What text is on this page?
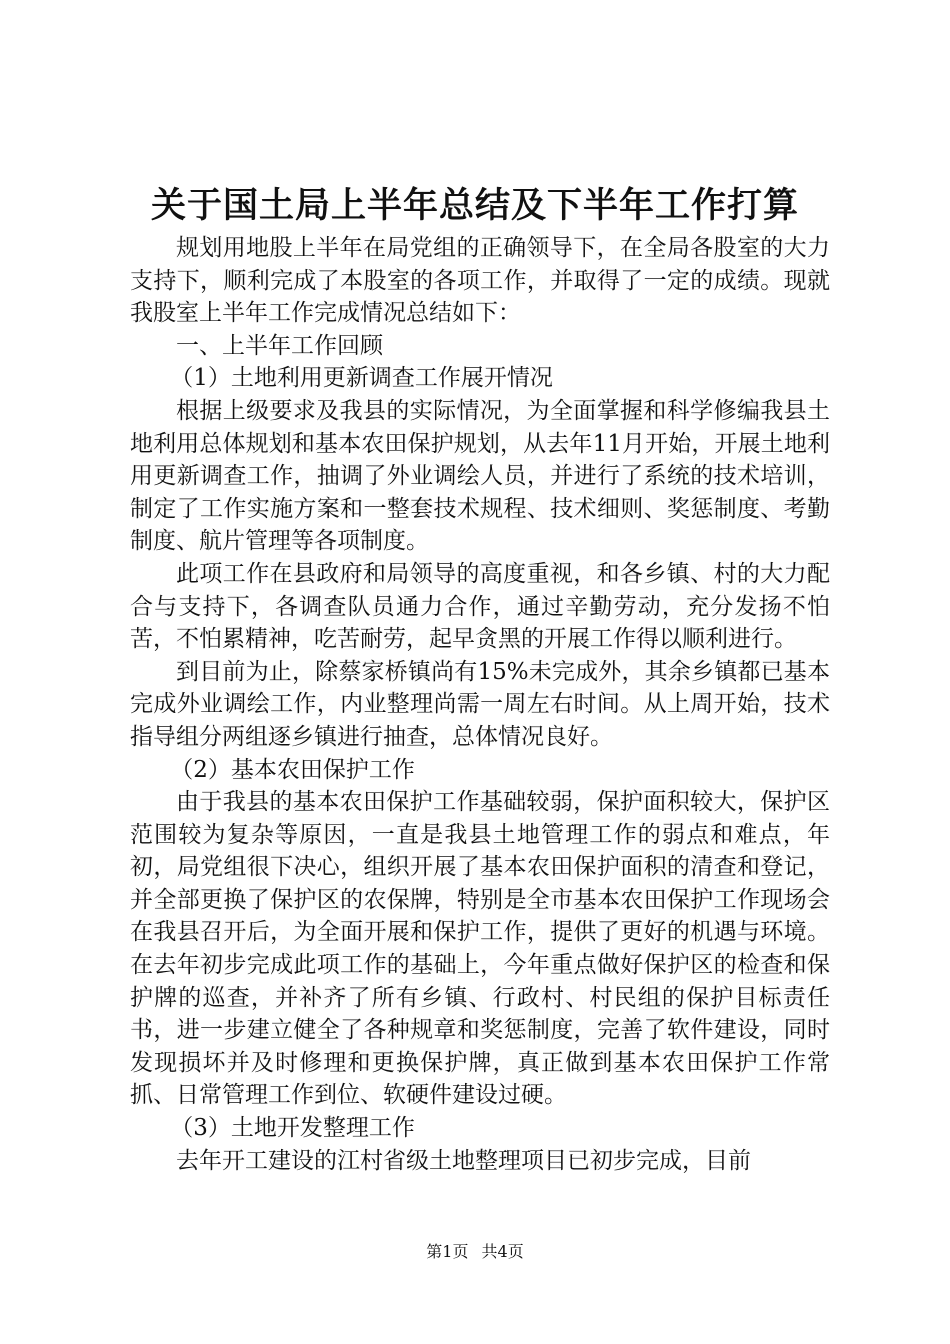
关于国土局上半年总结及下半年工作打算

规划用地股上半年在局党组的正确领导下，在全局各股室的大力支持下，顺利完成了本股室的各项工作，并取得了一定的成绩。现就我股室上半年工作完成情况总结如下：

一、上半年工作回顾

（1）土地利用更新调查工作展开情况

根据上级要求及我县的实际情况，为全面掌握和科学修编我县土地利用总体规划和基本农田保护规划，从去年11月开始，开展土地利用更新调查工作，抽调了外业调绘人员，并进行了系统的技术培训，制定了工作实施方案和一整套技术规程、技术细则、奖惩制度、考勤制度、航片管理等各项制度。

此项工作在县政府和局领导的高度重视，和各乡镇、村的大力配合与支持下，各调查队员通力合作，通过辛勤劳动，充分发扬不怕苦，不怕累精神，吃苦耐劳，起早贪黑的开展工作得以顺利进行。

到目前为止，除蔡家桥镇尚有15%未完成外，其余乡镇都已基本完成外业调绘工作，内业整理尚需一周左右时间。从上周开始，技术指导组分两组逐乡镇进行抽查，总体情况良好。

（2）基本农田保护工作

由于我县的基本农田保护工作基础较弱，保护面积较大，保护区范围较为复杂等原因，一直是我县土地管理工作的弱点和难点，年初，局党组很下决心，组织开展了基本农田保护面积的清查和登记，并全部更换了保护区的农保牌，特别是全市基本农田保护工作现场会在我县召开后，为全面开展和保护工作，提供了更好的机遇与环境。在去年初步完成此项工作的基础上，今年重点做好保护区的检查和保护牌的巡查，并补齐了所有乡镇、行政村、村民组的保护目标责任书，进一步建立健全了各种规章和奖惩制度，完善了软件建设，同时发现损坏并及时修理和更换保护牌，真正做到基本农田保护工作常抓、日常管理工作到位、软硬件建设过硬。

（3）土地开发整理工作

去年开工建设的江村省级土地整理项目已初步完成，目前

第1页 共4页
